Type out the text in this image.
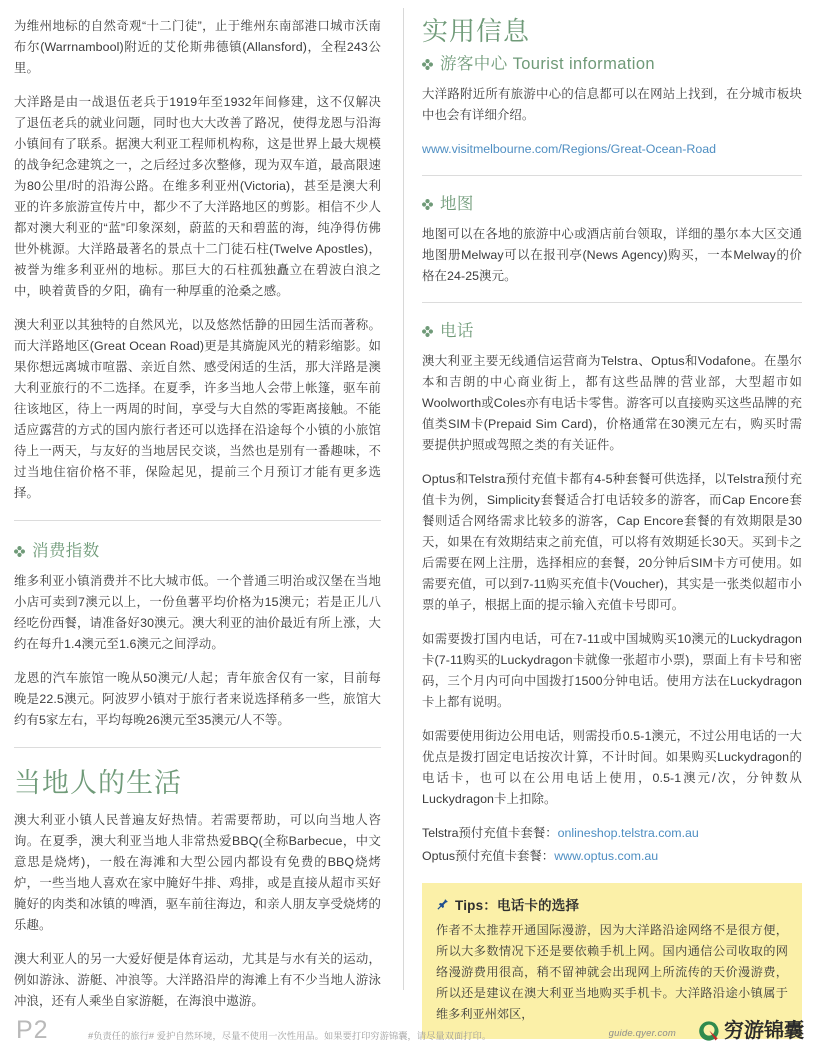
为维州地标的自然奇观“十二门徒”，止于维州东南部港口城市沃南布尔(Warrnambool)附近的艾伦斯弗德镇(Allansford)，全程243公里。

大洋路是由一战退伍老兵于1919年至1932年间修建，这不仅解决了退伍老兵的就业问题，同时也大大改善了路况，使得龙恩与沿海小镇间有了联系。据澳大利亚工程师机构称，这是世界上最大规模的战争纪念建筑之一，之后经过多次整修，现为双车道，最高限速为80公里/时的沿海公路。在维多利亚州(Victoria)，甚至是澳大利亚的许多旅游宣传片中，都少不了大洋路地区的剪影。相信不少人都对澳大利亚的“蓝”印象深刻，蔚蓝的天和碧蓝的海，纯净得仿佛世外桃源。大洋路最著名的景点十二门徒石柱(Twelve Apostles)，被誉为维多利亚州的地标。那巨大的石柱孤独矗立在碧波白浪之中，映着黄昏的夕阳，确有一种厚重的沧桑之感。

澳大利亚以其独特的自然风光，以及悠然恬静的田园生活而著称。而大洋路地区(Great Ocean Road)更是其旖旎风光的精彩缩影。如果你想远离城市喧嚣、亲近自然、感受闲适的生活，那大洋路是澳大利亚旅行的不二选择。在夏季，许多当地人会带上帐篷，驱车前往该地区，待上一两周的时间，享受与大自然的零距离接触。不能适应露营的方式的国内旅行者还可以选择在沿途每个小镇的小旅馆待上一两天，与友好的当地居民交谈，当然也是别有一番趣味，不过当地住宿价格不菲，保险起见，提前三个月预订才能有更多选择。

消费指数

维多利亚小镇消费并不比大城市低。一个普通三明治或汉堡在当地小店可卖到7澳元以上，一份鱼薯平均价格为15澳元；若是正儿八经吃份西餐，请准备好30澳元。澳大利亚的油价最近有所上涨，大约在每升1.4澳元至1.6澳元之间浮动。

龙恩的汽车旅馆一晚从50澳元/人起；青年旅舍仅有一家，目前每晚是22.5澳元。阿波罗小镇对于旅行者来说选择稍多一些，旅馆大约有5家左右，平均每晚26澳元至35澳元/人不等。

当地人的生活

澳大利亚小镇人民普遍友好热情。若需要帮助，可以向当地人咨询。在夏季，澳大利亚当地人非常热爱BBQ(全称Barbecue，中文意思是烧烤)，一般在海滩和大型公园内都设有免费的BBQ烧烤炉，一些当地人喜欢在家中腌好牛排、鸡排，或是直接从超市买好腌好的肉类和冰镇的啤酒，驱车前往海边，和亲人朋友享受烧烤的乐趣。

澳大利亚人的另一大爱好便是体育运动，尤其是与水有关的运动，例如游泳、游艇、冲浪等。大洋路沿岸的海滩上有不少当地人游泳冲浪，还有人乘坐自家游艇，在海浪中遨游。

实用信息
游客中心 Tourist information

大洋路附近所有旅游中心的信息都可以在网站上找到，在分城市板块中也会有详细介绍。

www.visitmelbourne.com/Regions/Great-Ocean-Road
地图

地图可以在各地的旅游中心或酒店前台领取，详细的墨尔本大区交通地图册Melway可以在报刊亭(News Agency)购买，一本Melway的价格在24-25澳元。

电话

澳大利亚主要无线通信运营商为Telstra、Optus和Vodafone。在墨尔本和吉朗的中心商业街上，都有这些品牌的营业部，大型超市如Woolworth或Coles亦有电话卡零售。游客可以直接购买这些品牌的充值类SIM卡(Prepaid Sim Card)，价格通常在30澳元左右，购买时需要提供护照或驾照之类的有关证件。

Optus和Telstra预付充值卡都有4-5种套餐可供选择，以Telstra预付充值卡为例，Simplicity套餐适合打电话较多的游客，而Cap Encore套餐则适合网络需求比较多的游客，Cap Encore套餐的有效期限是30天，如果在有效期结束之前充值，可以将有效期延长30天。买到卡之后需要在网上注册，选择相应的套餐，20分钟后SIM卡方可使用。如需要充值，可以到7-11购买充值卡(Voucher)，其实是一张类似超市小票的单子，根据上面的提示输入充值卡号即可。

如需要拨打国内电话，可在7-11或中国城购买10澳元的Luckydragon卡(7-11购买的Luckydragon卡就像一张超市小票)，票面上有卡号和密码，三个月内可向中国拨打1500分钟电话。使用方法在Luckydragon卡上都有说明。

如需要使用街边公用电话，则需投币0.5-1澳元，不过公用电话的一大优点是拨打固定电话按次计算，不计时间。如果购买Luckydragon的电话卡，也可以在公用电话上使用，0.5-1澳元/次，分钟数从Luckydragon卡上扣除。

Telstra预付充值卡套餐：onlineshop.telstra.com.au
Optus预付充值卡套餐：www.optus.com.au
Tips：电话卡的选择

作者不太推荐开通国际漫游，因为大洋路沿途网络不是很方便，所以大多数情况下还是要依赖手机上网。国内通信公司收取的网络漫游费用很高，稍不留神就会出现网上所流传的天价漫游费，所以还是建议在澳大利亚当地购买手机卡。大洋路沿途小镇属于维多利亚州郊区，

P2	#负责任的旅行# 爱护自然环境，尽量不使用一次性用品。如果要打印穷游锦囊，请尽量双面打印。	guide.qyer.com 穷游锦囊
